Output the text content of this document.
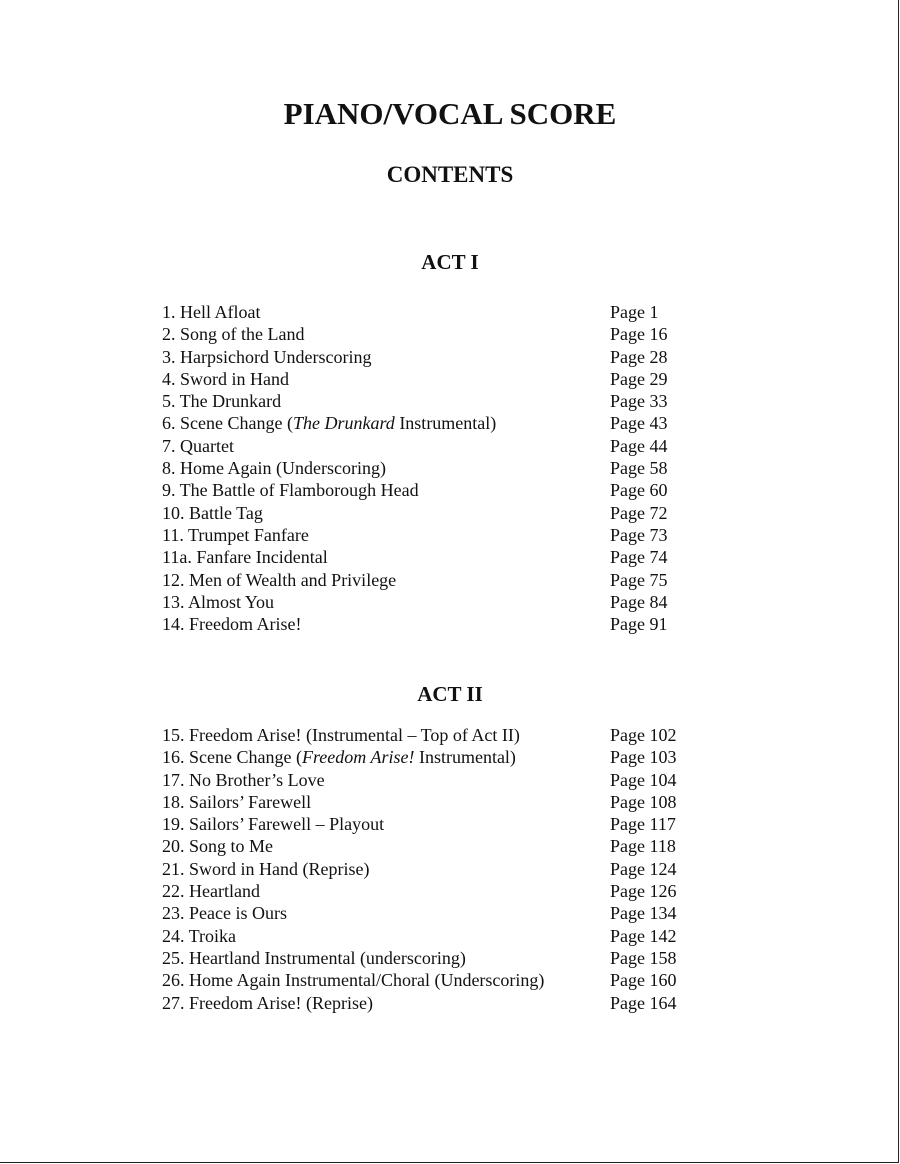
PIANO/VOCAL SCORE
CONTENTS
ACT I
1. Hell Afloat	Page 1
2. Song of the Land	Page 16
3. Harpsichord Underscoring	Page 28
4. Sword in Hand	Page 29
5. The Drunkard	Page 33
6. Scene Change (The Drunkard Instrumental)	Page 43
7. Quartet	Page 44
8. Home Again (Underscoring)	Page 58
9. The Battle of Flamborough Head	Page 60
10. Battle Tag	Page 72
11. Trumpet Fanfare	Page 73
11a. Fanfare Incidental	Page 74
12. Men of Wealth and Privilege	Page 75
13. Almost You	Page 84
14. Freedom Arise!	Page 91
ACT II
15. Freedom Arise! (Instrumental – Top of Act II)	Page 102
16. Scene Change (Freedom Arise! Instrumental)	Page 103
17. No Brother’s Love	Page 104
18. Sailors’ Farewell	Page 108
19. Sailors’ Farewell – Playout	Page 117
20. Song to Me	Page 118
21. Sword in Hand (Reprise)	Page 124
22. Heartland	Page 126
23. Peace is Ours	Page 134
24. Troika	Page 142
25. Heartland Instrumental (underscoring)	Page 158
26. Home Again Instrumental/Choral (Underscoring)	Page 160
27. Freedom Arise! (Reprise)	Page 164
